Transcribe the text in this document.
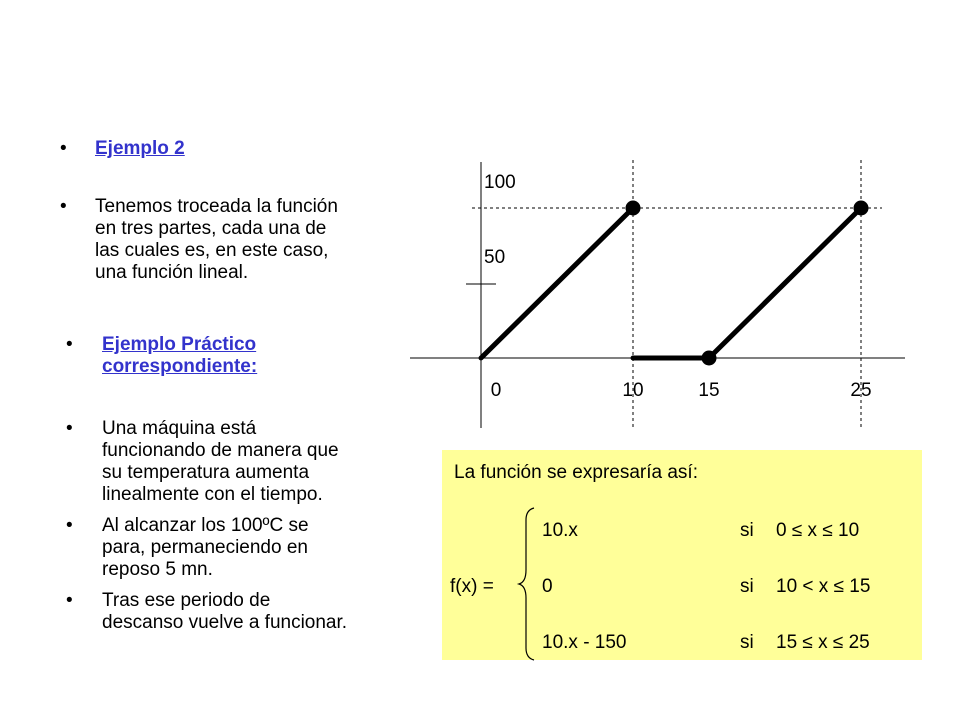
•	Ejemplo 2
•	Tenemos troceada la función
en tres partes, cada una de
las cuales es, en este caso,
una función lineal.
•	Ejemplo Práctico
correspondiente:
•	Una máquina está
funcionando de manera que
su temperatura aumenta
linealmente con el tiempo.
•	Al alcanzar los 100ºC se
para, permaneciendo en
reposo 5 mn.
•	Tras ese periodo de
descanso vuelve a funcionar.
0	10	15	25
100
50
La función se expresaría así:
f(x) =
10.x	si 0 ≤ x ≤ 10
0	si 10 < x ≤ 15
10.x - 150	si 15 ≤ x ≤ 25
